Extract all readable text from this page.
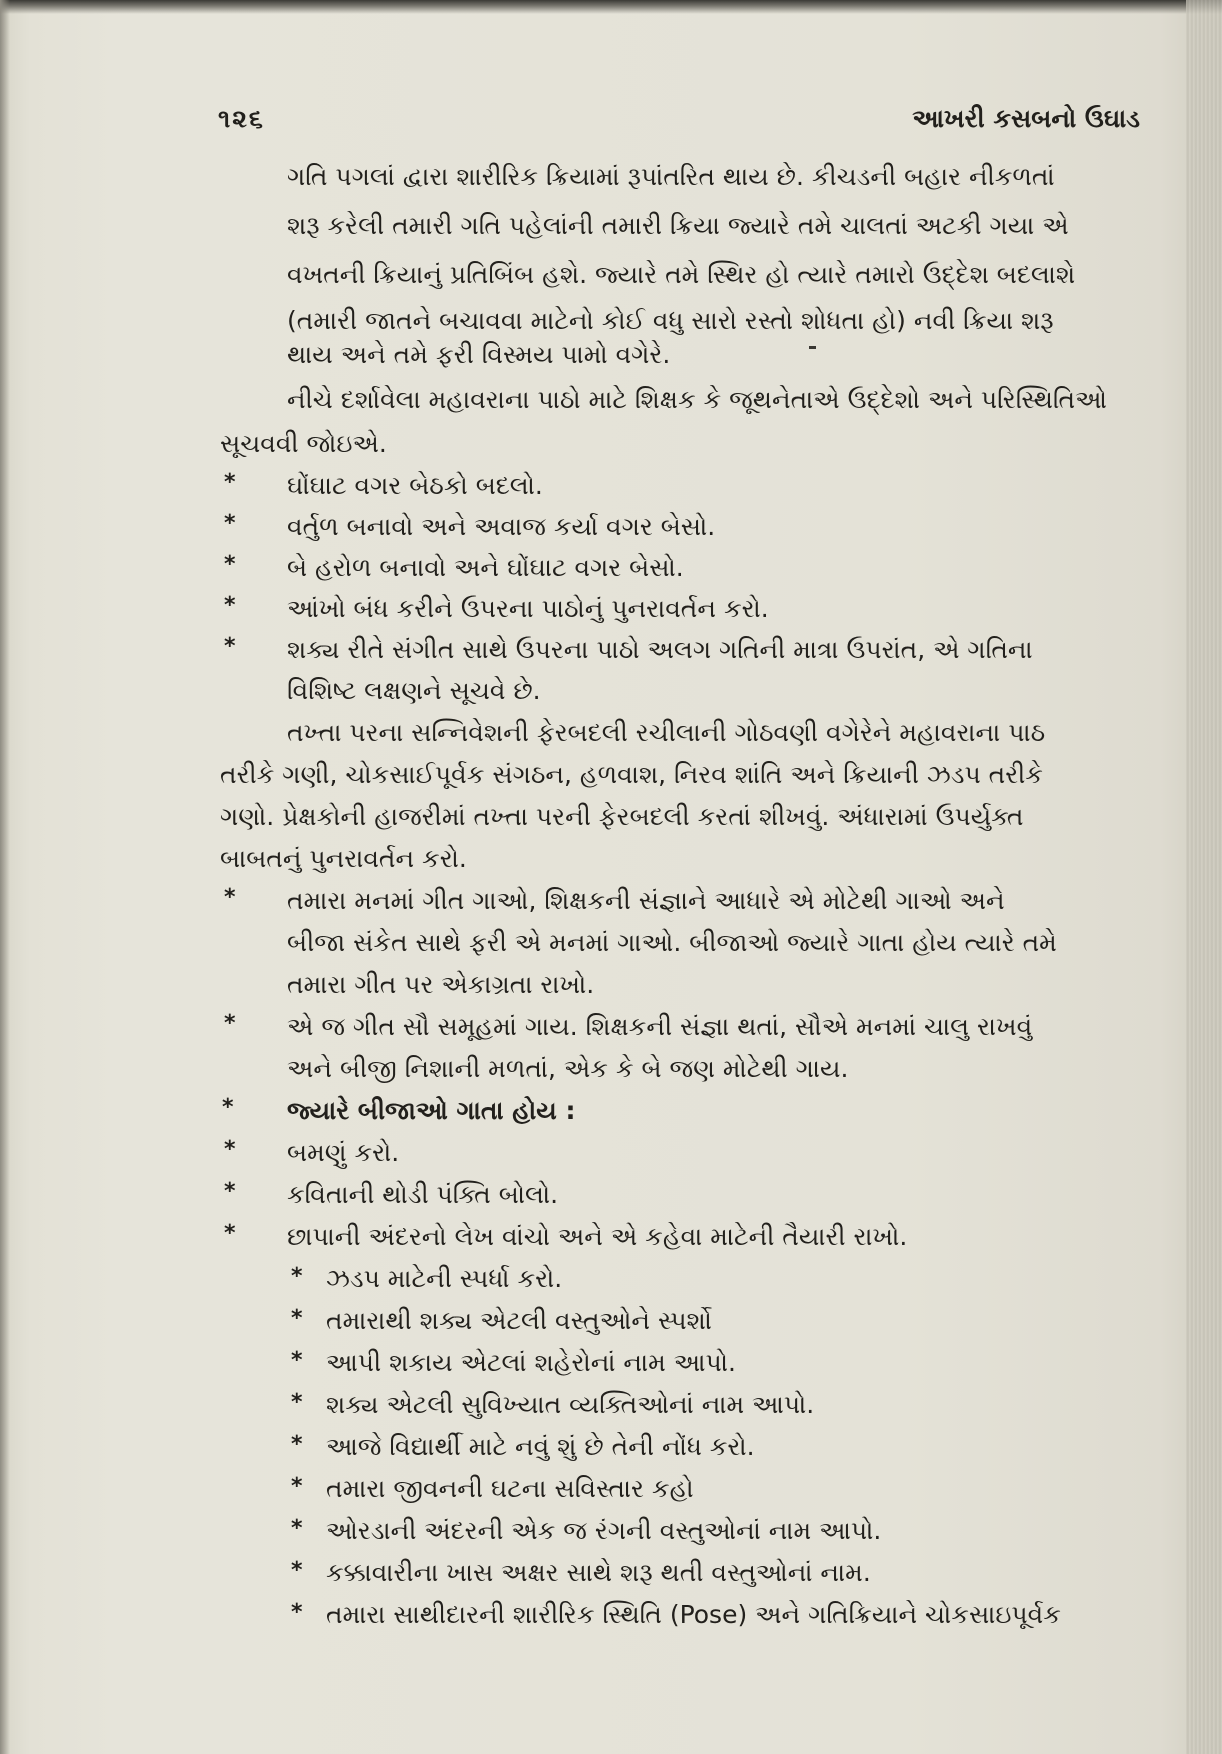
૧૨૬	આખરી કસબનો ઉઘાડ
ગતિ પગલાં દ્વારા શારીરિક ક્રિયામાં રૂપાંતરિત થાય છે. કીચડની બહાર નીકળતાં
શરૂ કરેલી તમારી ગતિ પહેલાંની તમારી ક્રિયા જ્યારે તમે ચાલતાં અટકી ગયા એ
વખતની ક્રિયાનું પ્રતિબિંબ હશે. જ્યારે તમે સ્થિર હો ત્યારે તમારો ઉદ્દેશ બદલાશે
(તમારી જાતને બચાવવા માટેનો કોઈ વધુ સારો રસ્તો શોધતા હો) નવી ક્રિયા શરૂ
થાય અને તમે ફરી વિસ્મય પામો વગેરે.
નીચે દર્શાવેલા મહાવરાના પાઠો માટે શિક્ષક કે જૂથનેતાએ ઉદ્દેશો અને પરિસ્થિતિઓ
સૂચવવી જોઇએ.
* ઘોંઘાટ વગર બેઠકો બદલો.
* વર્તુળ બનાવો અને અવાજ કર્યા વગર બેસો.
* બે હરોળ બનાવો અને ઘોંઘાટ વગર બેસો.
* આંખો બંધ કરીને ઉપરના પાઠોનું પુનરાવર્તન કરો.
* શક્ય રીતે સંગીત સાથે ઉપરના પાઠો અલગ ગતિની માત્રા ઉપરાંત, એ ગતિના
વિશિષ્ટ લક્ષણને સૂચવે છે.
તખ્તા પરના સન્નિવેશની ફેરબદલી રચીલાની ગોઠવણી વગેરેને મહાવરાના પાઠ
તરીકે ગણી, ચોકસાઈપૂર્વક સંગઠન, હળવાશ, નિરવ શાંતિ અને ક્રિયાની ઝડપ તરીકે
ગણો. પ્રેક્ષકોની હાજરીમાં તખ્તા પરની ફેરબદલી કરતાં શીખવું. અંધારામાં ઉપર્યુક્ત
બાબતનું પુનરાવર્તન કરો.
* તમારા મનમાં ગીત ગાઓ, શિક્ષકની સંજ્ઞાને આધારે એ મોટેથી ગાઓ અને
બીજા સંકેત સાથે ફરી એ મનમાં ગાઓ. બીજાઓ જ્યારે ગાતા હોય ત્યારે તમે
તમારા ગીત પર એકાગ્રતા રાખો.
* એ જ ગીત સૌ સમૂહમાં ગાય. શિક્ષકની સંજ્ઞા થતાં, સૌએ મનમાં ચાલુ રાખવું
અને બીજી નિશાની મળતાં, એક કે બે જણ મોટેથી ગાય.
* જ્યારે બીજાઓ ગાતા હોય :
* બમણું કરો.
* કવિતાની થોડી પંક્તિ બોલો.
* છાપાની અંદરનો લેખ વાંચો અને એ કહેવા માટેની તૈયારી રાખો.
* ઝડપ માટેની સ્પર્ધા કરો.
* તમારાથી શક્ય એટલી વસ્તુઓને સ્પર્શો
* આપી શકાય એટલાં શહેરોનાં નામ આપો.
* શક્ય એટલી સુવિખ્યાત વ્યક્તિઓનાં નામ આપો.
* આજે વિદ્યાર્થી માટે નવું શું છે તેની નોંધ કરો.
* તમારા જીવનની ઘટના સવિસ્તાર કહો
* ઓરડાની અંદરની એક જ રંગની વસ્તુઓનાં નામ આપો.
* કક્કાવારીના ખાસ અક્ષર સાથે શરૂ થતી વસ્તુઓનાં નામ.
* તમારા સાથીદારની શારીરિક સ્થિતિ (Pose) અને ગતિક્રિયાને ચોકસાઇપૂર્વક
